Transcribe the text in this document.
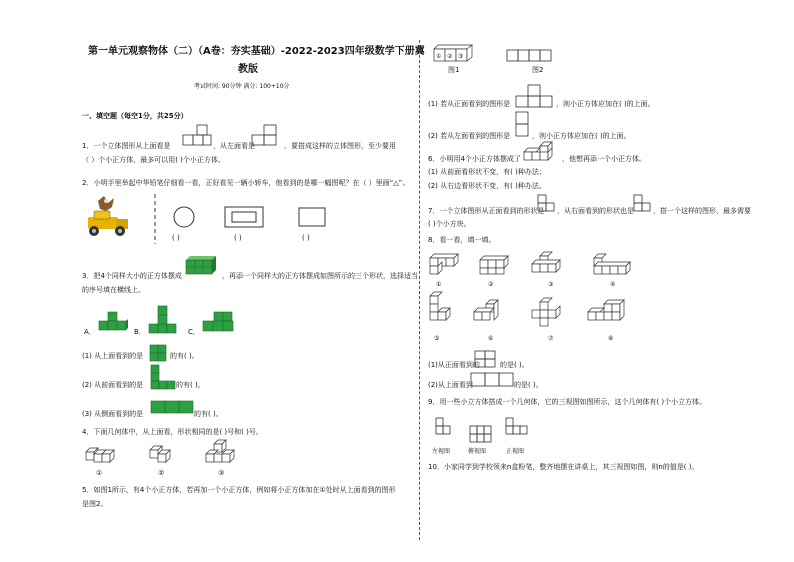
第一单元观察物体（二）（A卷：夯实基础）-2022-2023四年级数学下册冀
教版
考试时间: 90分钟 满分: 100+10分
一、填空题（每空1分，共25分）
1．一个立体图形从上面看是	，从左面看是	，要搭成这样的立体图形，至少要用
（ ）个小正方体，最多可以用( )个小正方体。
2．小明手里举起中华铅笔仔细看一看，正好看见一辆小轿车，他看到的是哪一幅图呢？在（ ）里画“△”。
( )	( )	( )
3．把4个同样大小的正方体摆成	，再添一个同样大的正方体摆成如图所示的三个形状，选择适当
的序号填在横线上。
A．	B．	C．
(1) 从上面看到的是	的有( )。
(2) 从前面看到的是	的有( )。
(3) 从侧面看到的是	的有( )。
4．下面几何体中，从上面看，形状相同的是( )号和( )号。
①	②	③
5．如图1所示，有4个小正方体，若再加一个小正方体，例如将小正方体加在①处时从上面看到的图形
是图2。
① ② ③
图1	图2
(1) 若从正面看到的图形是	，则小正方体应加在( )的上面。
(2) 若从左面看到的图形是	，则小正方体应加在( )的上面。
6．小明用4个小正方体摆成了	，他想再添一个小正方体。
(1) 从前面看形状不变，有( )种办法；
(2) 从右边看形状不变，有( )种办法。
7．一个立体图形从正面看到的形状是 ，从右面看到的形状也是	，搭一个这样的图形，最多需要
( )个小方块。
8．看一看，填一填。
①	②	③	④
⑤	⑥	⑦	⑧
(1)从正面看到的	的是( )。
(2)从上面看到	的是( )。
9．用一些小立方体搭成一个几何体，它的三视图如图所示，这个几何体有( )个小立方体。
左视图	俯视图	正视图
10．小家同学到学校领来n盒粉笔，整齐地摆在讲桌上，其三视图如图，则n的值是( )。
